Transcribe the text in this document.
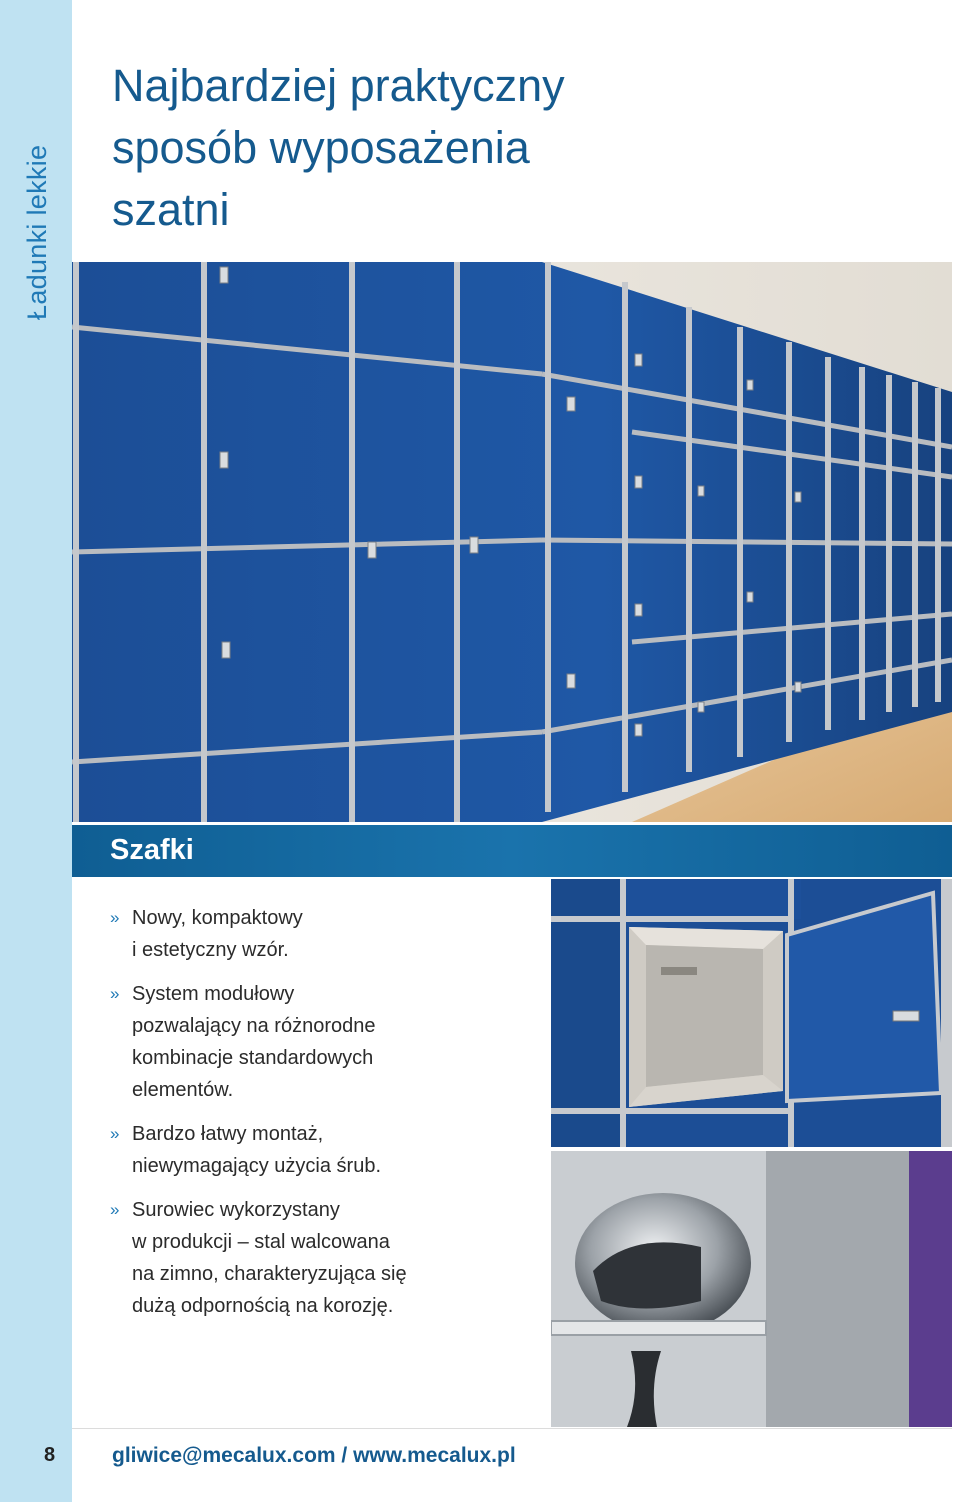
Ładunki lekkie
8
Najbardziej praktyczny
sposób wyposażenia
szatni
Szafki
» Nowy, kompaktowy
i estetyczny wzór.
» System modułowy
pozwalający na różnorodne
kombinacje standardowych
elementów.
» Bardzo łatwy montaż,
niewymagający użycia śrub.
» Surowiec wykorzystany
w produkcji – stal walcowana
na zimno, charakteryzująca się
dużą odpornością na korozję.
gliwice@mecalux.com / www.mecalux.pl
